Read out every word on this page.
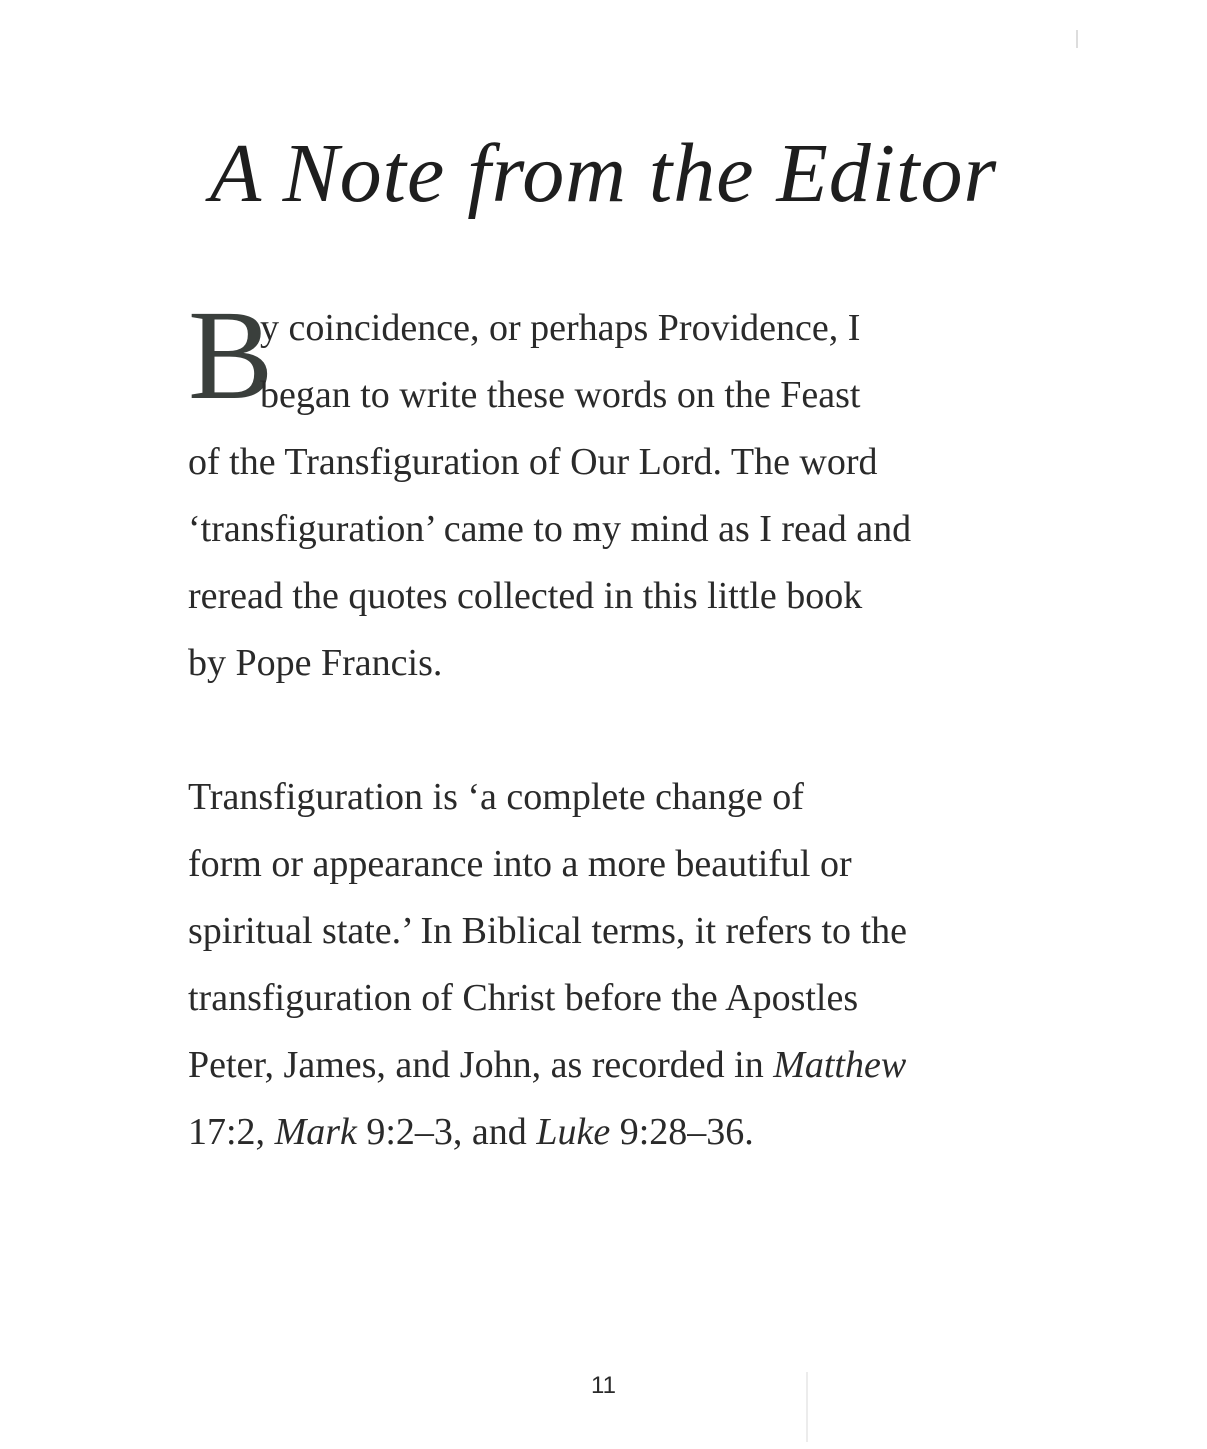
A Note from the Editor
B
y coincidence, or perhaps Providence, I
began to write these words on the Feast
of the Transfiguration of Our Lord. The word
‘transfiguration’ came to my mind as I read and
reread the quotes collected in this little book
by Pope Francis.
Transfiguration is ‘a complete change of
form or appearance into a more beautiful or
spiritual state.’ In Biblical terms, it refers to the
transfiguration of Christ before the Apostles
Peter, James, and John, as recorded in Matthew
17:2, Mark 9:2–3, and Luke 9:28–36.
11
